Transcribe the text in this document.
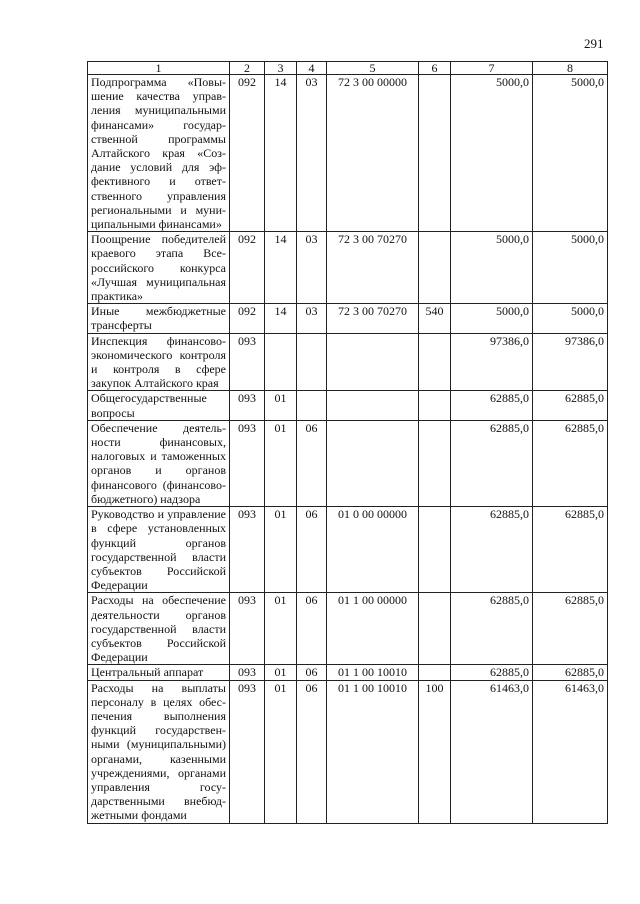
291
1	2	3	4	5	6	7	8
Подпрограмма «Повышение качества управления муниципальными финансами» государственной программы Алтайского края «Создание условий для эффективного и ответственного управления региональными и муниципальными финансами»	092	14	03	72 3 00 00000		5000,0	5000,0
Поощрение победителей краевого этапа Всероссийского конкурса «Лучшая муниципальная практика»	092	14	03	72 3 00 70270		5000,0	5000,0
Иные межбюджетные трансферты	092	14	03	72 3 00 70270	540	5000,0	5000,0
Инспекция финансово-экономического контроля и контроля в сфере закупок Алтайского края	093					97386,0	97386,0
Общегосударственные вопросы	093	01				62885,0	62885,0
Обеспечение деятельности финансовых, налоговых и таможенных органов и органов финансового (финансово-бюджетного) надзора	093	01	06			62885,0	62885,0
Руководство и управление в сфере установленных функций органов государственной власти субъектов Российской Федерации	093	01	06	01 0 00 00000		62885,0	62885,0
Расходы на обеспечение деятельности органов государственной власти субъектов Российской Федерации	093	01	06	01 1 00 00000		62885,0	62885,0
Центральный аппарат	093	01	06	01 1 00 10010		62885,0	62885,0
Расходы на выплаты персоналу в целях обеспечения выполнения функций государственными (муниципальными) органами, казенными учреждениями, органами управления государственными внебюджетными фондами	093	01	06	01 1 00 10010	100	61463,0	61463,0
